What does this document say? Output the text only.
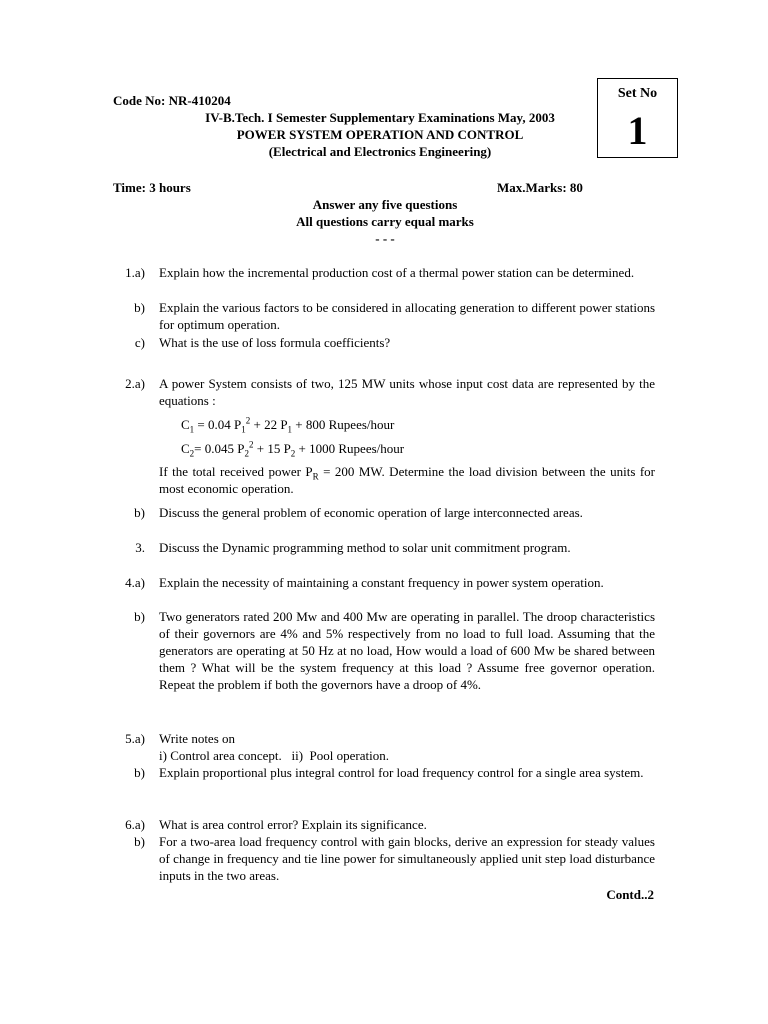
Code No: NR-410204
IV-B.Tech. I Semester Supplementary Examinations May, 2003
POWER SYSTEM OPERATION AND CONTROL
(Electrical and Electronics Engineering)
Set No
1
Time: 3 hours	Max.Marks: 80
Answer any five questions
All questions carry equal marks
- - -
1.a) Explain how the incremental production cost of a thermal power station can be determined.
b) Explain the various factors to be considered in allocating generation to different power stations for optimum operation.
c) What is the use of loss formula coefficients?
2.a) A power System consists of two, 125 MW units whose input cost data are represented by the equations :
$C_1 = 0.04$ $P_1^2 + 22$ $P_1 + 800$ Rupees/hour
$C_2= 0.045$ $P_2^2 + 15$ $P_2 + 1000$ Rupees/hour
If the total received power $P_R = 200$ MW. Determine the load division between the units for most economic operation.
b) Discuss the general problem of economic operation of large interconnected areas.
3. Discuss the Dynamic programming method to solar unit commitment program.
4.a) Explain the necessity of maintaining a constant frequency in power system operation.
b) Two generators rated 200 Mw and 400 Mw are operating in parallel. The droop characteristics of their governors are 4% and 5% respectively from no load to full load. Assuming that the generators are operating at 50 Hz at no load, How would a load of 600 Mw be shared between them ? What will be the system frequency at this load ? Assume free governor operation. Repeat the problem if both the governors have a droop of 4%.
5.a) Write notes on
i) Control area concept.   ii)  Pool operation.
b) Explain proportional plus integral control for load frequency control for a single area system.
6.a) What is area control error? Explain its significance.
b) For a two-area load frequency control with gain blocks, derive an expression for steady values of change in frequency and tie line power for simultaneously applied unit step load disturbance inputs in the two areas.
Contd..2
